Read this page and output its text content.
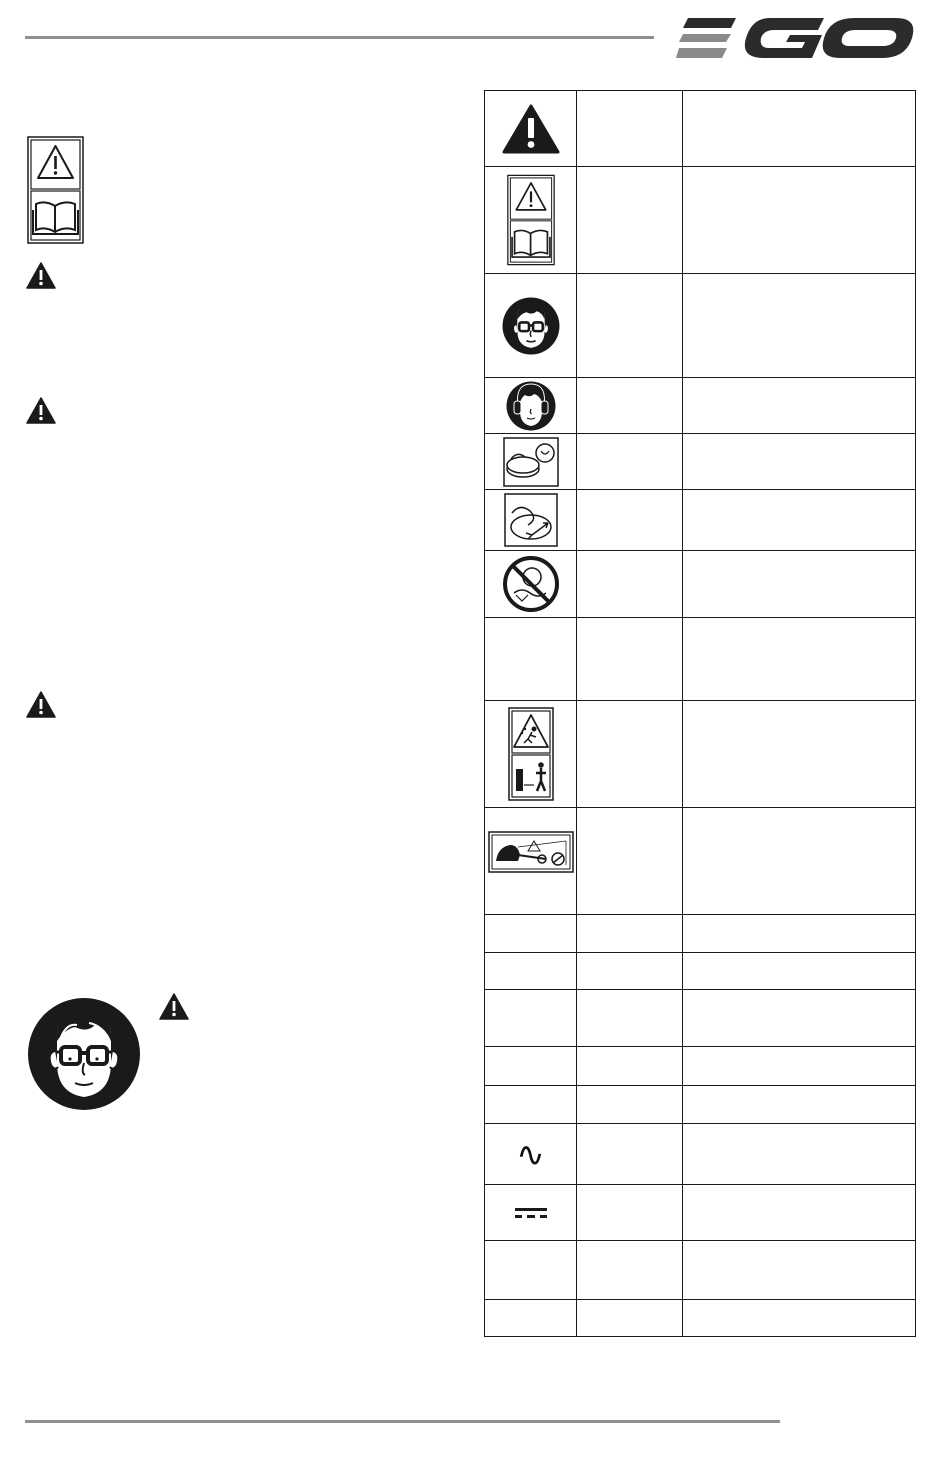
∿		
